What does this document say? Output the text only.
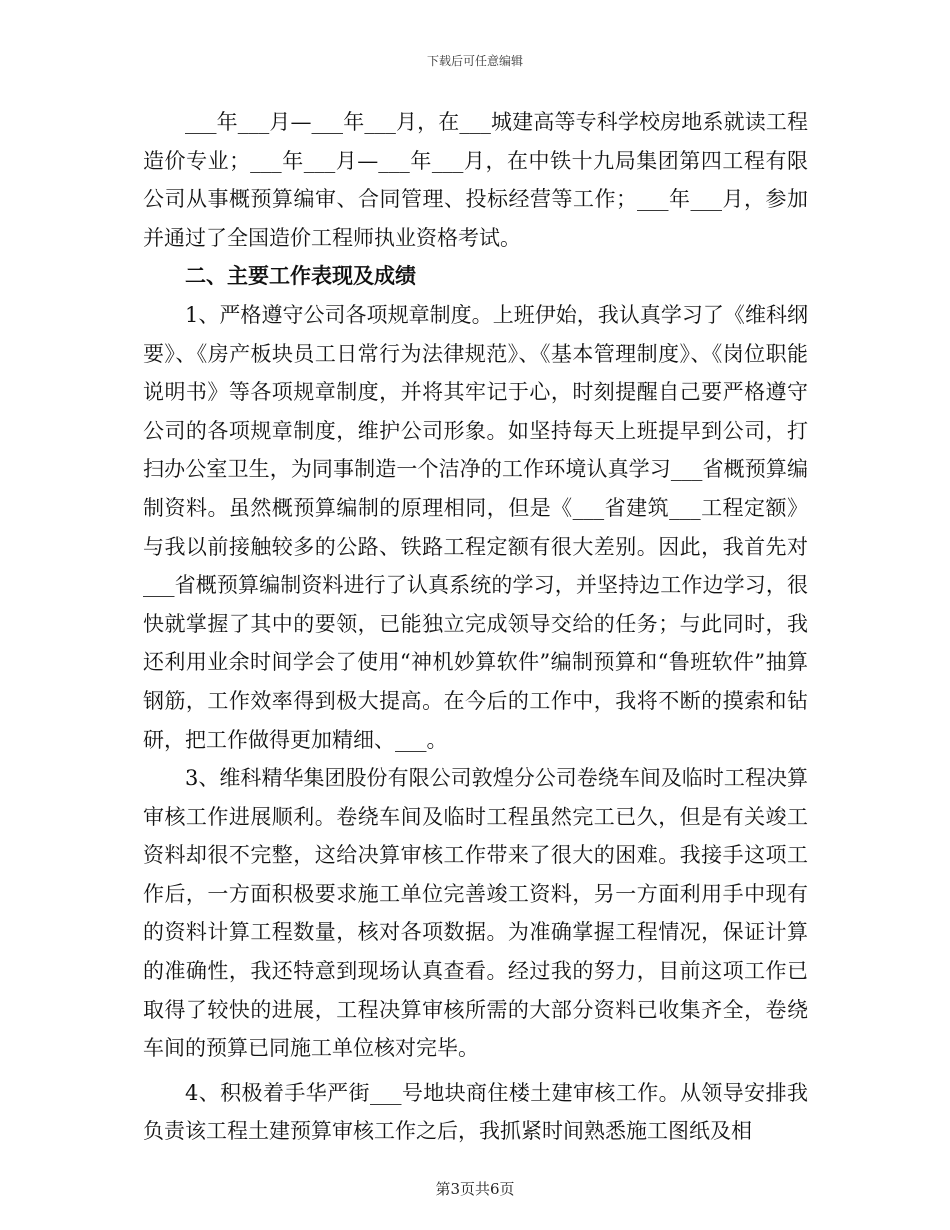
下载后可任意编辑

___年___月—___年___月，在___城建高等专科学校房地系就读工程造价专业；___年___月—___年___月，在中铁十九局集团第四工程有限公司从事概预算编审、合同管理、投标经营等工作；___年___月，参加并通过了全国造价工程师执业资格考试。

二、主要工作表现及成绩

1、严格遵守公司各项规章制度。上班伊始，我认真学习了《维科纲要》、《房产板块员工日常行为法律规范》、《基本管理制度》、《岗位职能说明书》等各项规章制度，并将其牢记于心，时刻提醒自己要严格遵守公司的各项规章制度，维护公司形象。如坚持每天上班提早到公司，打扫办公室卫生，为同事制造一个洁净的工作环境认真学习___省概预算编制资料。虽然概预算编制的原理相同，但是《___省建筑___工程定额》与我以前接触较多的公路、铁路工程定额有很大差别。因此，我首先对___省概预算编制资料进行了认真系统的学习，并坚持边工作边学习，很快就掌握了其中的要领，已能独立完成领导交给的任务；与此同时，我还利用业余时间学会了使用“神机妙算软件”编制预算和“鲁班软件”抽算钢筋，工作效率得到极大提高。在今后的工作中，我将不断的摸索和钻研，把工作做得更加精细、___。

3、维科精华集团股份有限公司敦煌分公司卷绕车间及临时工程决算审核工作进展顺利。卷绕车间及临时工程虽然完工已久，但是有关竣工资料却很不完整，这给决算审核工作带来了很大的困难。我接手这项工作后，一方面积极要求施工单位完善竣工资料，另一方面利用手中现有的资料计算工程数量，核对各项数据。为准确掌握工程情况，保证计算的准确性，我还特意到现场认真查看。经过我的努力，目前这项工作已取得了较快的进展，工程决算审核所需的大部分资料已收集齐全，卷绕车间的预算已同施工单位核对完毕。

4、积极着手华严街___号地块商住楼土建审核工作。从领导安排我负责该工程土建预算审核工作之后，我抓紧时间熟悉施工图纸及相

第3页共6页
